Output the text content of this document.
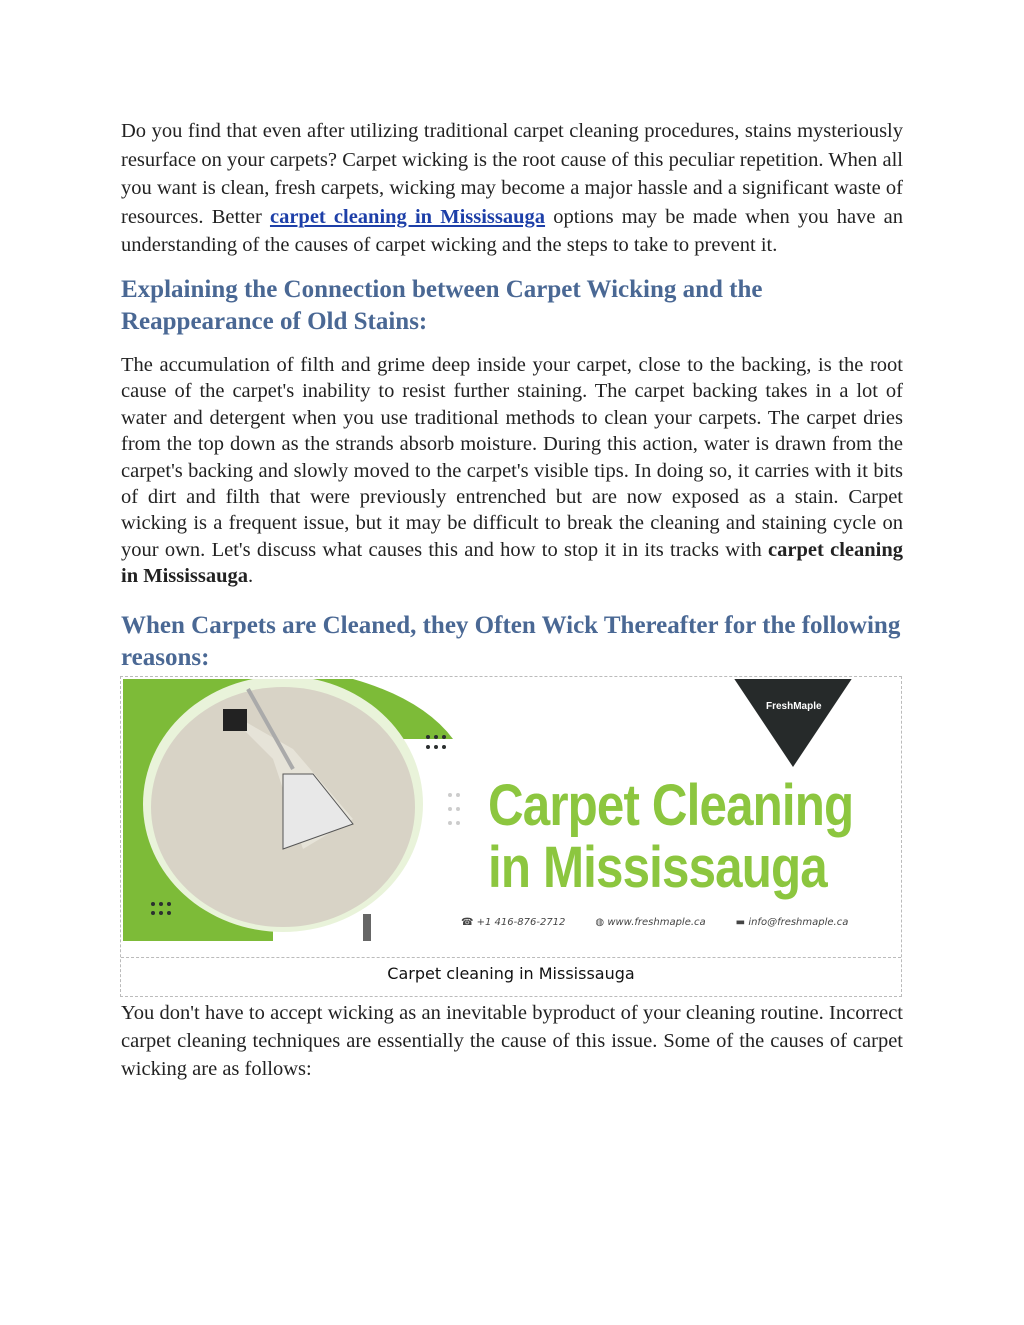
Do you find that even after utilizing traditional carpet cleaning procedures, stains mysteriously resurface on your carpets? Carpet wicking is the root cause of this peculiar repetition. When all you want is clean, fresh carpets, wicking may become a major hassle and a significant waste of resources. Better carpet cleaning in Mississauga options may be made when you have an understanding of the causes of carpet wicking and the steps to take to prevent it.

Explaining the Connection between Carpet Wicking and the Reappearance of Old Stains:

The accumulation of filth and grime deep inside your carpet, close to the backing, is the root cause of the carpet's inability to resist further staining. The carpet backing takes in a lot of water and detergent when you use traditional methods to clean your carpets. The carpet dries from the top down as the strands absorb moisture. During this action, water is drawn from the carpet's backing and slowly moved to the carpet's visible tips. In doing so, it carries with it bits of dirt and filth that were previously entrenched but are now exposed as a stain. Carpet wicking is a frequent issue, but it may be difficult to break the cleaning and staining cycle on your own. Let's discuss what causes this and how to stop it in its tracks with carpet cleaning in Mississauga.

When Carpets are Cleaned, they Often Wick Thereafter for the following reasons:
FreshMaple
Carpet Cleaning
in Mississauga
☎ +1 416-876-2712	◍ www.freshmaple.ca	▬ info@freshmaple.ca
Carpet cleaning in Mississauga

You don't have to accept wicking as an inevitable byproduct of your cleaning routine. Incorrect carpet cleaning techniques are essentially the cause of this issue. Some of the causes of carpet wicking are as follows:
